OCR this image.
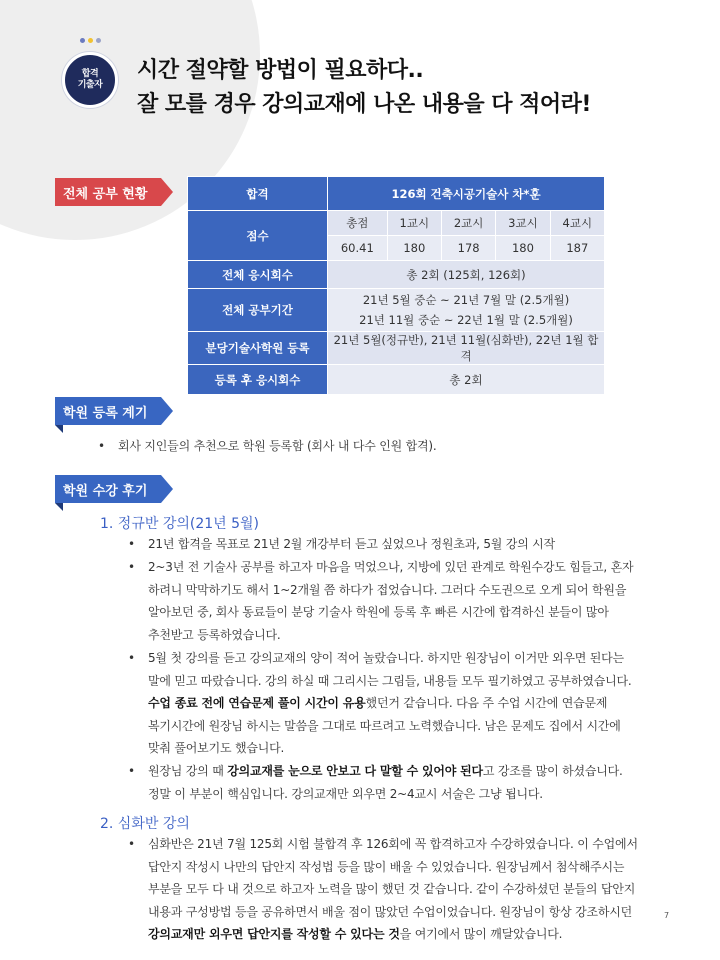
합격
기출자
시간 절약할 방법이 필요하다..
잘 모를 경우 강의교재에 나온 내용을 다 적어라!
전체 공부 현황	합격	126회 건축시공기술사 차*훈				
점수	총점	1교시	2교시	3교시	4교시
	60.41	180	178	180	187
전체 응시회수	총 2회 (125회, 126회)				
전체 공부기간	21년 5월 중순 ~ 21년 7월 말 (2.5개월)
21년 11월 중순 ~ 22년 1월 말 (2.5개월)				

분당기술사학원 등록	21년 5월(정규반), 21년 11월(심화반), 22년 1월 합격				
등록 후 응시회수	총 2회				
학원 등록 계기
• 회사 지인들의 추천으로 학원 등록함 (회사 내 다수 인원 합격).
학원 수강 후기
1. 정규반 강의(21년 5월)
• 21년 합격을 목표로 21년 2월 개강부터 듣고 싶었으나 정원초과, 5월 강의 시작
• 2~3년 전 기술사 공부를 하고자 마음을 먹었으나, 지방에 있던 관계로 학원수강도 힘들고, 혼자
하려니 막막하기도 해서 1~2개월 쯤 하다가 접었습니다. 그러다 수도권으로 오게 되어 학원을
알아보던 중, 회사 동료들이 분당 기술사 학원에 등록 후 빠른 시간에 합격하신 분들이 많아
추천받고 등록하였습니다.
• 5월 첫 강의를 듣고 강의교재의 양이 적어 놀랐습니다. 하지만 원장님이 이거만 외우면 된다는
말에 믿고 따랐습니다. 강의 하실 때 그리시는 그림들, 내용들 모두 필기하였고 공부하였습니다.
수업 종료 전에 연습문제 풀이 시간이 유용했던거 같습니다. 다음 주 수업 시간에 연습문제
복기시간에 원장님 하시는 말씀을 그대로 따르려고 노력했습니다. 남은 문제도 집에서 시간에
맞춰 풀어보기도 했습니다.
• 원장님 강의 때 강의교재를 눈으로 안보고 다 말할 수 있어야 된다고 강조를 많이 하셨습니다.
정말 이 부분이 핵심입니다. 강의교재만 외우면 2~4교시 서술은 그냥 됩니다.
2. 심화반 강의
• 심화반은 21년 7월 125회 시험 불합격 후 126회에 꼭 합격하고자 수강하였습니다. 이 수업에서
답안지 작성시 나만의 답안지 작성법 등을 많이 배울 수 있었습니다. 원장님께서 첨삭해주시는
부분을 모두 다 내 것으로 하고자 노력을 많이 했던 것 같습니다. 같이 수강하셨던 분들의 답안지
내용과 구성방법 등을 공유하면서 배울 점이 많았던 수업이었습니다. 원장님이 항상 강조하시던
강의교재만 외우면 답안지를 작성할 수 있다는 것을 여기에서 많이 깨달았습니다.
7
